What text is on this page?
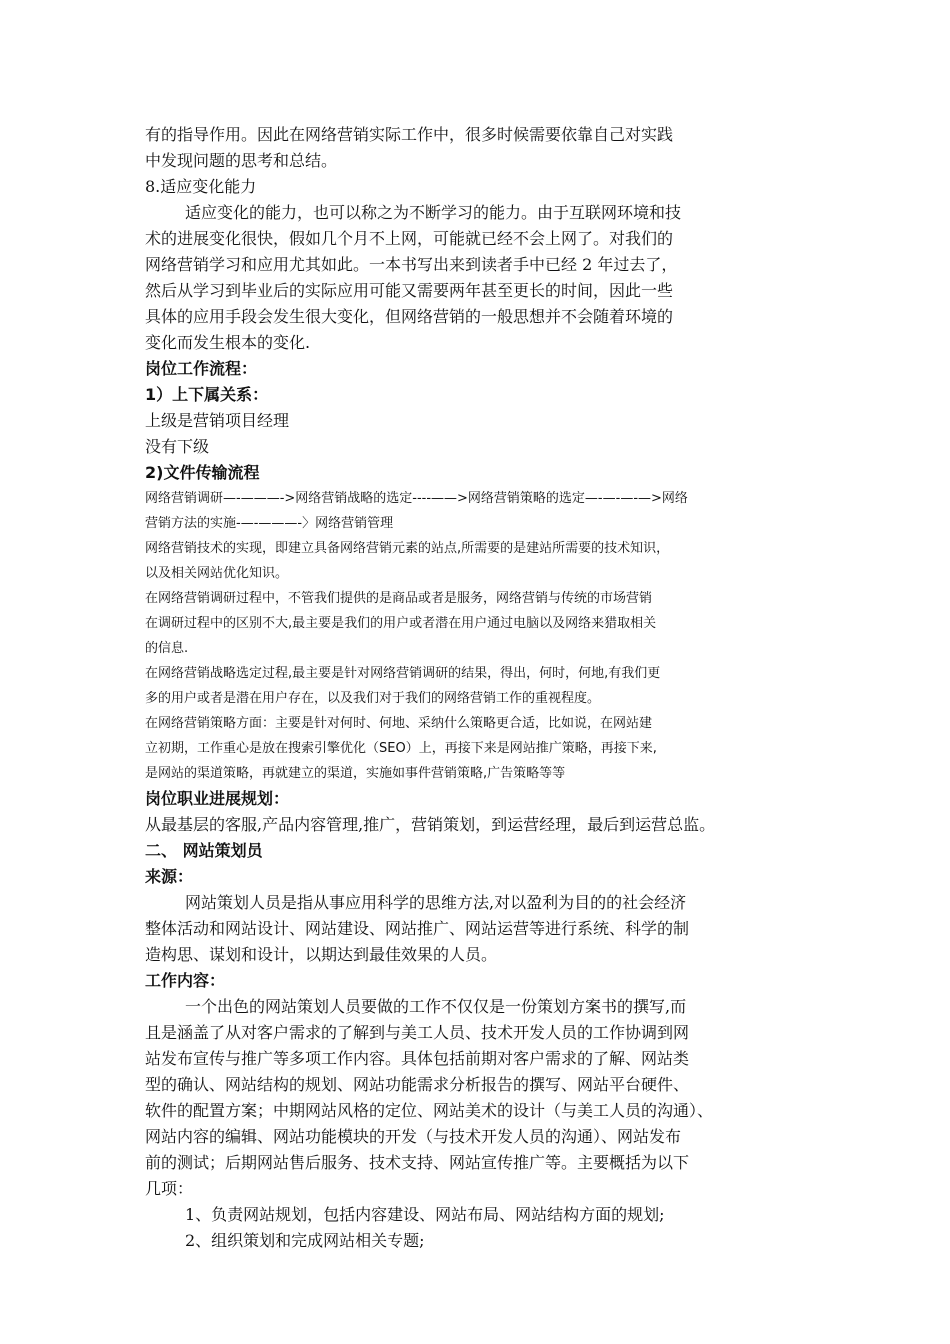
有的指导作用。因此在网络营销实际工作中，很多时候需要依靠自己对实践
中发现问题的思考和总结。
8.适应变化能力
适应变化的能力，也可以称之为不断学习的能力。由于互联网环境和技
术的进展变化很快，假如几个月不上网，可能就已经不会上网了。对我们的
网络营销学习和应用尤其如此。一本书写出来到读者手中已经 2 年过去了，
然后从学习到毕业后的实际应用可能又需要两年甚至更长的时间，因此一些
具体的应用手段会发生很大变化，但网络营销的一般思想并不会随着环境的
变化而发生根本的变化.
岗位工作流程：
1）上下属关系：
上级是营销项目经理
没有下级
2)文件传输流程
网络营销调研—-———->网络营销战略的选定----——>网络营销策略的选定—-—-—-—>网络
营销方法的实施-—-———-〉网络营销管理
网络营销技术的实现，即建立具备网络营销元素的站点,所需要的是建站所需要的技术知识，
以及相关网站优化知识。
在网络营销调研过程中，不管我们提供的是商品或者是服务，网络营销与传统的市场营销
在调研过程中的区别不大,最主要是我们的用户或者潜在用户通过电脑以及网络来猎取相关
的信息.
在网络营销战略选定过程,最主要是针对网络营销调研的结果，得出，何时，何地,有我们更
多的用户或者是潜在用户存在，以及我们对于我们的网络营销工作的重视程度。
在网络营销策略方面：主要是针对何时、何地、采纳什么策略更合适，比如说，在网站建
立初期，工作重心是放在搜索引擎优化（SEO）上，再接下来是网站推广策略，再接下来,
是网站的渠道策略，再就建立的渠道，实施如事件营销策略,广告策略等等
岗位职业进展规划：
从最基层的客服,产品内容管理,推广，营销策划，到运营经理，最后到运营总监。
二、 网站策划员
来源：
网站策划人员是指从事应用科学的思维方法,对以盈利为目的的社会经济
整体活动和网站设计、网站建设、网站推广、网站运营等进行系统、科学的制
造构思、谋划和设计，以期达到最佳效果的人员。
工作内容：
一个出色的网站策划人员要做的工作不仅仅是一份策划方案书的撰写,而
且是涵盖了从对客户需求的了解到与美工人员、技术开发人员的工作协调到网
站发布宣传与推广等多项工作内容。具体包括前期对客户需求的了解、网站类
型的确认、网站结构的规划、网站功能需求分析报告的撰写、网站平台硬件、
软件的配置方案；中期网站风格的定位、网站美术的设计（与美工人员的沟通）、
网站内容的编辑、网站功能模块的开发（与技术开发人员的沟通）、网站发布
前的测试；后期网站售后服务、技术支持、网站宣传推广等。主要概括为以下
几项：
1、负责网站规划，包括内容建设、网站布局、网站结构方面的规划;
2、组织策划和完成网站相关专题;
